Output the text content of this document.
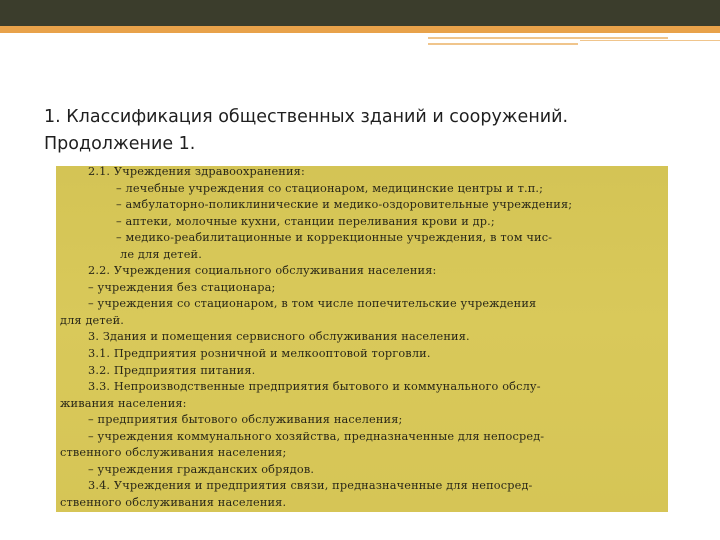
1. Классификация общественных зданий и сооружений.
Продолжение 1.
2.1. Учреждения здравоохранения:
– лечебные учреждения со стационаром, медицинские центры и т.п.;
– амбулаторно-поликлинические и медико-оздоровительные учреждения;
– аптеки, молочные кухни, станции переливания крови и др.;
– медико-реабилитационные и коррекционные учреждения, в том чис-
ле для детей.
2.2. Учреждения социального обслуживания населения:
– учреждения без стационара;
– учреждения со стационаром, в том числе попечительские учреждения
для детей.
3. Здания и помещения сервисного обслуживания населения.
3.1. Предприятия розничной и мелкооптовой торговли.
3.2. Предприятия питания.
3.3. Непроизводственные предприятия бытового и коммунального обслу-
живания населения:
– предприятия бытового обслуживания населения;
– учреждения коммунального хозяйства, предназначенные для непосред-
ственного обслуживания населения;
– учреждения гражданских обрядов.
3.4. Учреждения и предприятия связи, предназначенные для непосред-
ственного обслуживания населения.
